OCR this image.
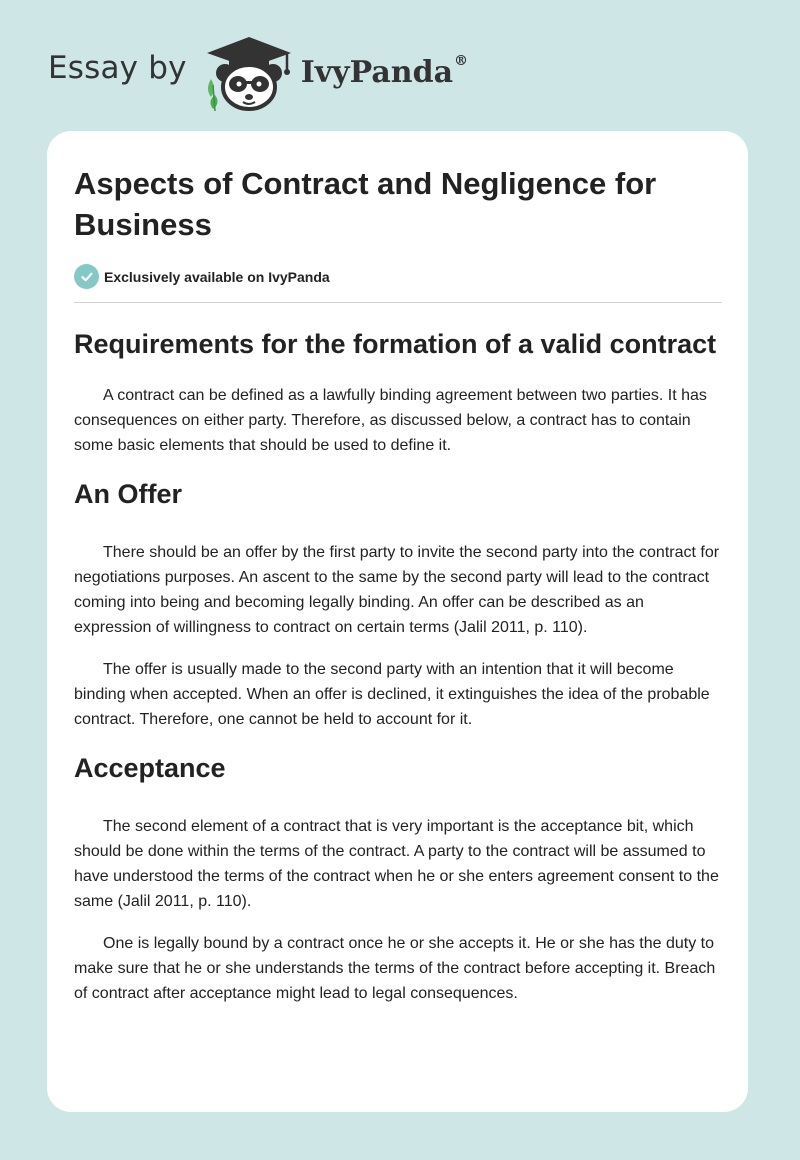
Essay by	IvyPanda®
Aspects of Contract and Negligence for Business
Exclusively available on IvyPanda
Requirements for the formation of a valid contract

A contract can be defined as a lawfully binding agreement between two parties. It has consequences on either party. Therefore, as discussed below, a contract has to contain some basic elements that should be used to define it.

An Offer

There should be an offer by the first party to invite the second party into the contract for negotiations purposes. An ascent to the same by the second party will lead to the contract coming into being and becoming legally binding. An offer can be described as an expression of willingness to contract on certain terms (Jalil 2011, p. 110).

The offer is usually made to the second party with an intention that it will become binding when accepted. When an offer is declined, it extinguishes the idea of the probable contract. Therefore, one cannot be held to account for it.

Acceptance

The second element of a contract that is very important is the acceptance bit, which should be done within the terms of the contract. A party to the contract will be assumed to have understood the terms of the contract when he or she enters agreement consent to the same (Jalil 2011, p. 110).

One is legally bound by a contract once he or she accepts it. He or she has the duty to make sure that he or she understands the terms of the contract before accepting it. Breach of contract after acceptance might lead to legal consequences.
